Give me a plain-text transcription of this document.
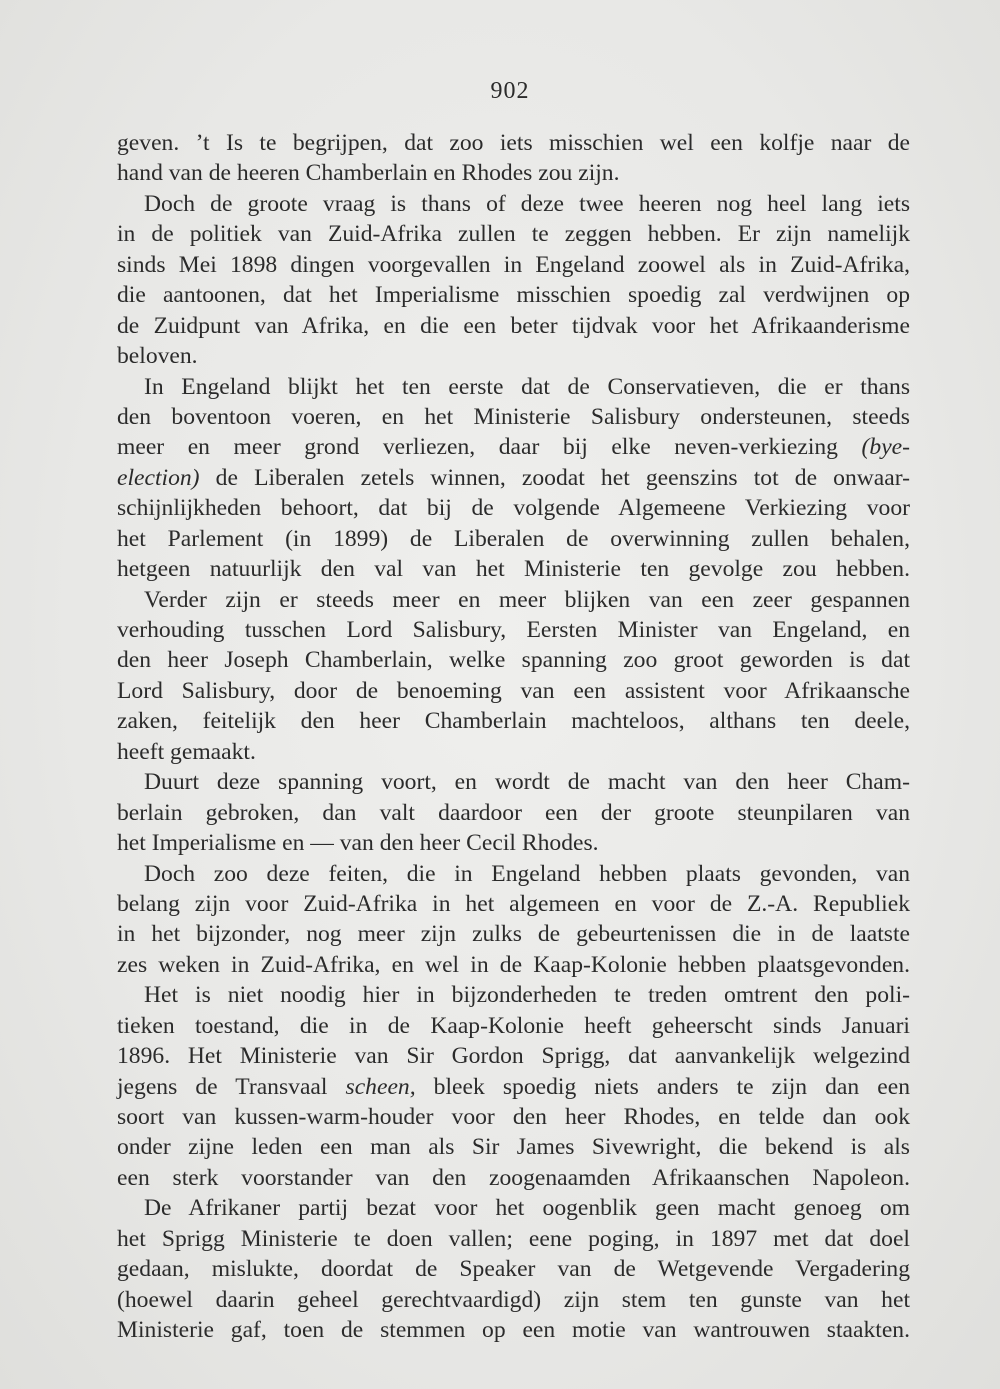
902
geven. ’t Is te begrijpen, dat zoo iets misschien wel een kolfje naar de
hand van de heeren Chamberlain en Rhodes zou zijn.
Doch de groote vraag is thans of deze twee heeren nog heel lang iets
in de politiek van Zuid-Afrika zullen te zeggen hebben. Er zijn namelijk
sinds Mei 1898 dingen voorgevallen in Engeland zoowel als in Zuid-Afrika,
die aantoonen, dat het Imperialisme misschien spoedig zal verdwijnen op
de Zuidpunt van Afrika, en die een beter tijdvak voor het Afrikaanderisme
beloven.
In Engeland blijkt het ten eerste dat de Conservatieven, die er thans
den boventoon voeren, en het Ministerie Salisbury ondersteunen, steeds
meer en meer grond verliezen, daar bij elke neven-verkiezing (bye-
election) de Liberalen zetels winnen, zoodat het geenszins tot de onwaar-
schijnlijkheden behoort, dat bij de volgende Algemeene Verkiezing voor
het Parlement (in 1899) de Liberalen de overwinning zullen behalen,
hetgeen natuurlijk den val van het Ministerie ten gevolge zou hebben.
Verder zijn er steeds meer en meer blijken van een zeer gespannen
verhouding tusschen Lord Salisbury, Eersten Minister van Engeland, en
den heer Joseph Chamberlain, welke spanning zoo groot geworden is dat
Lord Salisbury, door de benoeming van een assistent voor Afrikaansche
zaken, feitelijk den heer Chamberlain machteloos, althans ten deele,
heeft gemaakt.
Duurt deze spanning voort, en wordt de macht van den heer Cham-
berlain gebroken, dan valt daardoor een der groote steunpilaren van
het Imperialisme en — van den heer Cecil Rhodes.
Doch zoo deze feiten, die in Engeland hebben plaats gevonden, van
belang zijn voor Zuid-Afrika in het algemeen en voor de Z.-A. Republiek
in het bijzonder, nog meer zijn zulks de gebeurtenissen die in de laatste
zes weken in Zuid-Afrika, en wel in de Kaap-Kolonie hebben plaatsgevonden.
Het is niet noodig hier in bijzonderheden te treden omtrent den poli-
tieken toestand, die in de Kaap-Kolonie heeft geheerscht sinds Januari
1896. Het Ministerie van Sir Gordon Sprigg, dat aanvankelijk welgezind
jegens de Transvaal scheen, bleek spoedig niets anders te zijn dan een
soort van kussen-warm-houder voor den heer Rhodes, en telde dan ook
onder zijne leden een man als Sir James Sivewright, die bekend is als
een sterk voorstander van den zoogenaamden Afrikaanschen Napoleon.
De Afrikaner partij bezat voor het oogenblik geen macht genoeg om
het Sprigg Ministerie te doen vallen; eene poging, in 1897 met dat doel
gedaan, mislukte, doordat de Speaker van de Wetgevende Vergadering
(hoewel daarin geheel gerechtvaardigd) zijn stem ten gunste van het
Ministerie gaf, toen de stemmen op een motie van wantrouwen staakten.
